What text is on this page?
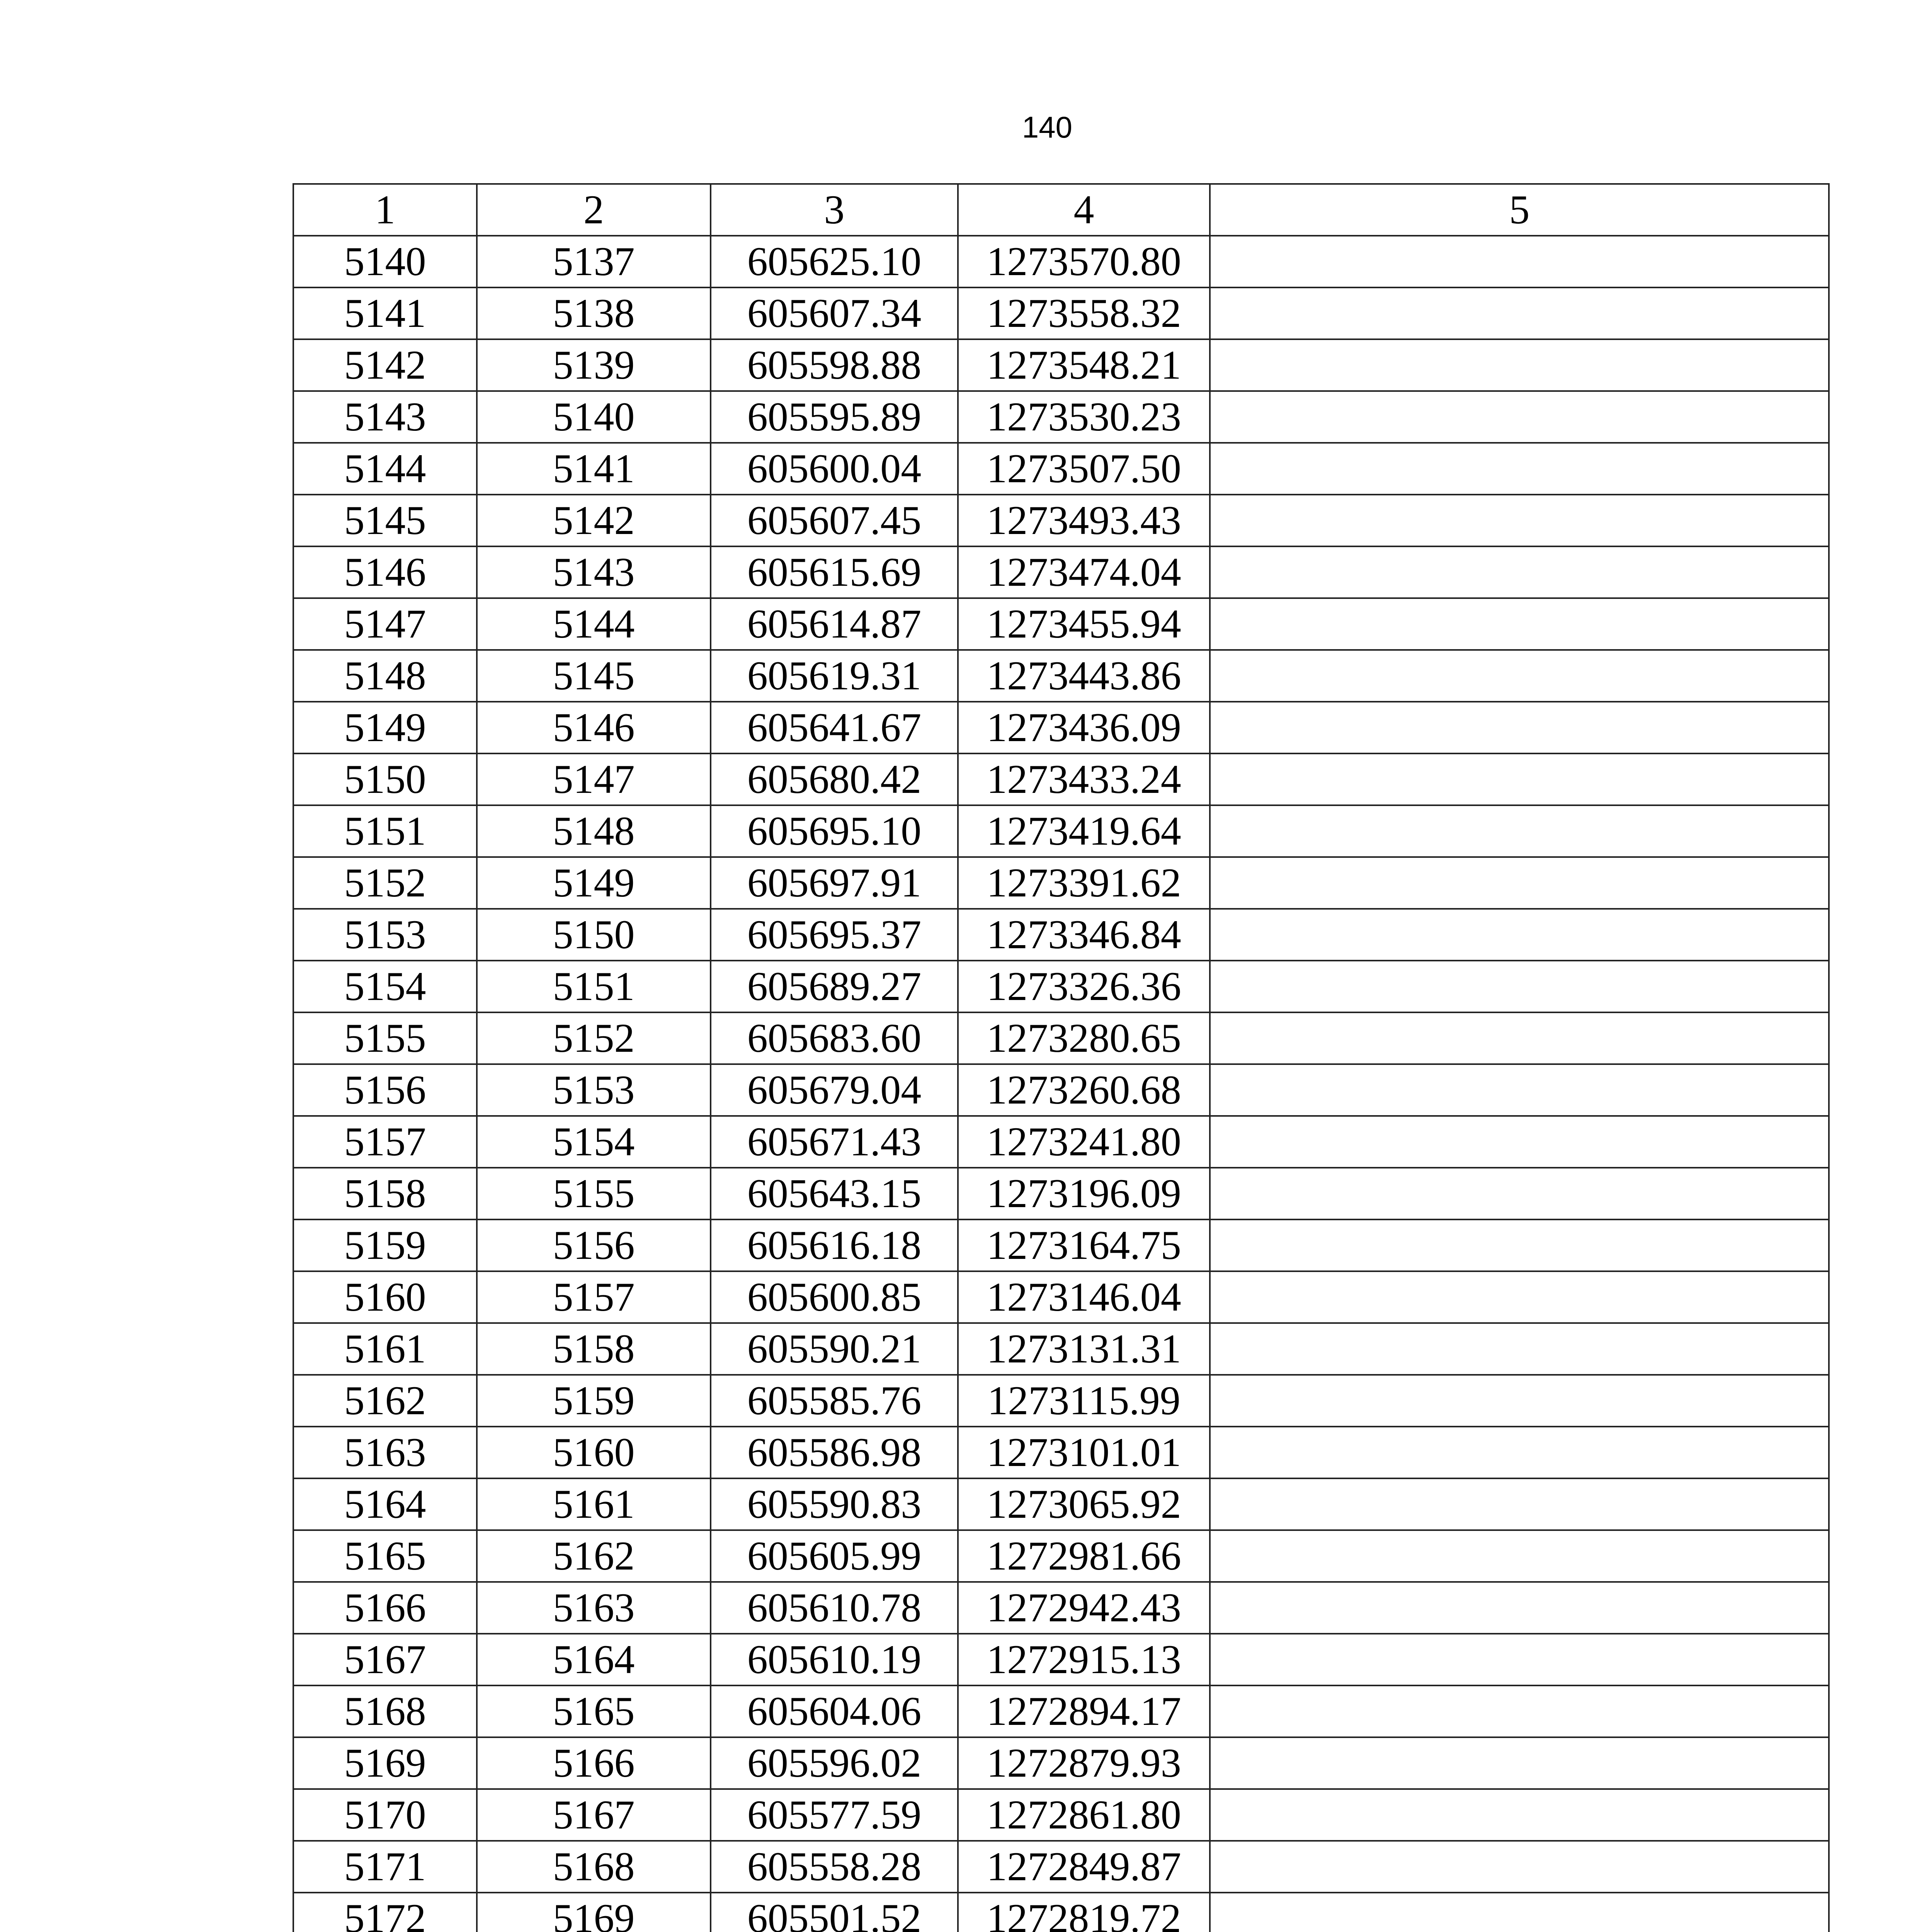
140
1	2	3	4	5
5140	5137	605625.10	1273570.80	
5141	5138	605607.34	1273558.32	
5142	5139	605598.88	1273548.21	
5143	5140	605595.89	1273530.23	
5144	5141	605600.04	1273507.50	
5145	5142	605607.45	1273493.43	
5146	5143	605615.69	1273474.04	
5147	5144	605614.87	1273455.94	
5148	5145	605619.31	1273443.86	
5149	5146	605641.67	1273436.09	
5150	5147	605680.42	1273433.24	
5151	5148	605695.10	1273419.64	
5152	5149	605697.91	1273391.62	
5153	5150	605695.37	1273346.84	
5154	5151	605689.27	1273326.36	
5155	5152	605683.60	1273280.65	
5156	5153	605679.04	1273260.68	
5157	5154	605671.43	1273241.80	
5158	5155	605643.15	1273196.09	
5159	5156	605616.18	1273164.75	
5160	5157	605600.85	1273146.04	
5161	5158	605590.21	1273131.31	
5162	5159	605585.76	1273115.99	
5163	5160	605586.98	1273101.01	
5164	5161	605590.83	1273065.92	
5165	5162	605605.99	1272981.66	
5166	5163	605610.78	1272942.43	
5167	5164	605610.19	1272915.13	
5168	5165	605604.06	1272894.17	
5169	5166	605596.02	1272879.93	
5170	5167	605577.59	1272861.80	
5171	5168	605558.28	1272849.87	
5172	5169	605501.52	1272819.72	
